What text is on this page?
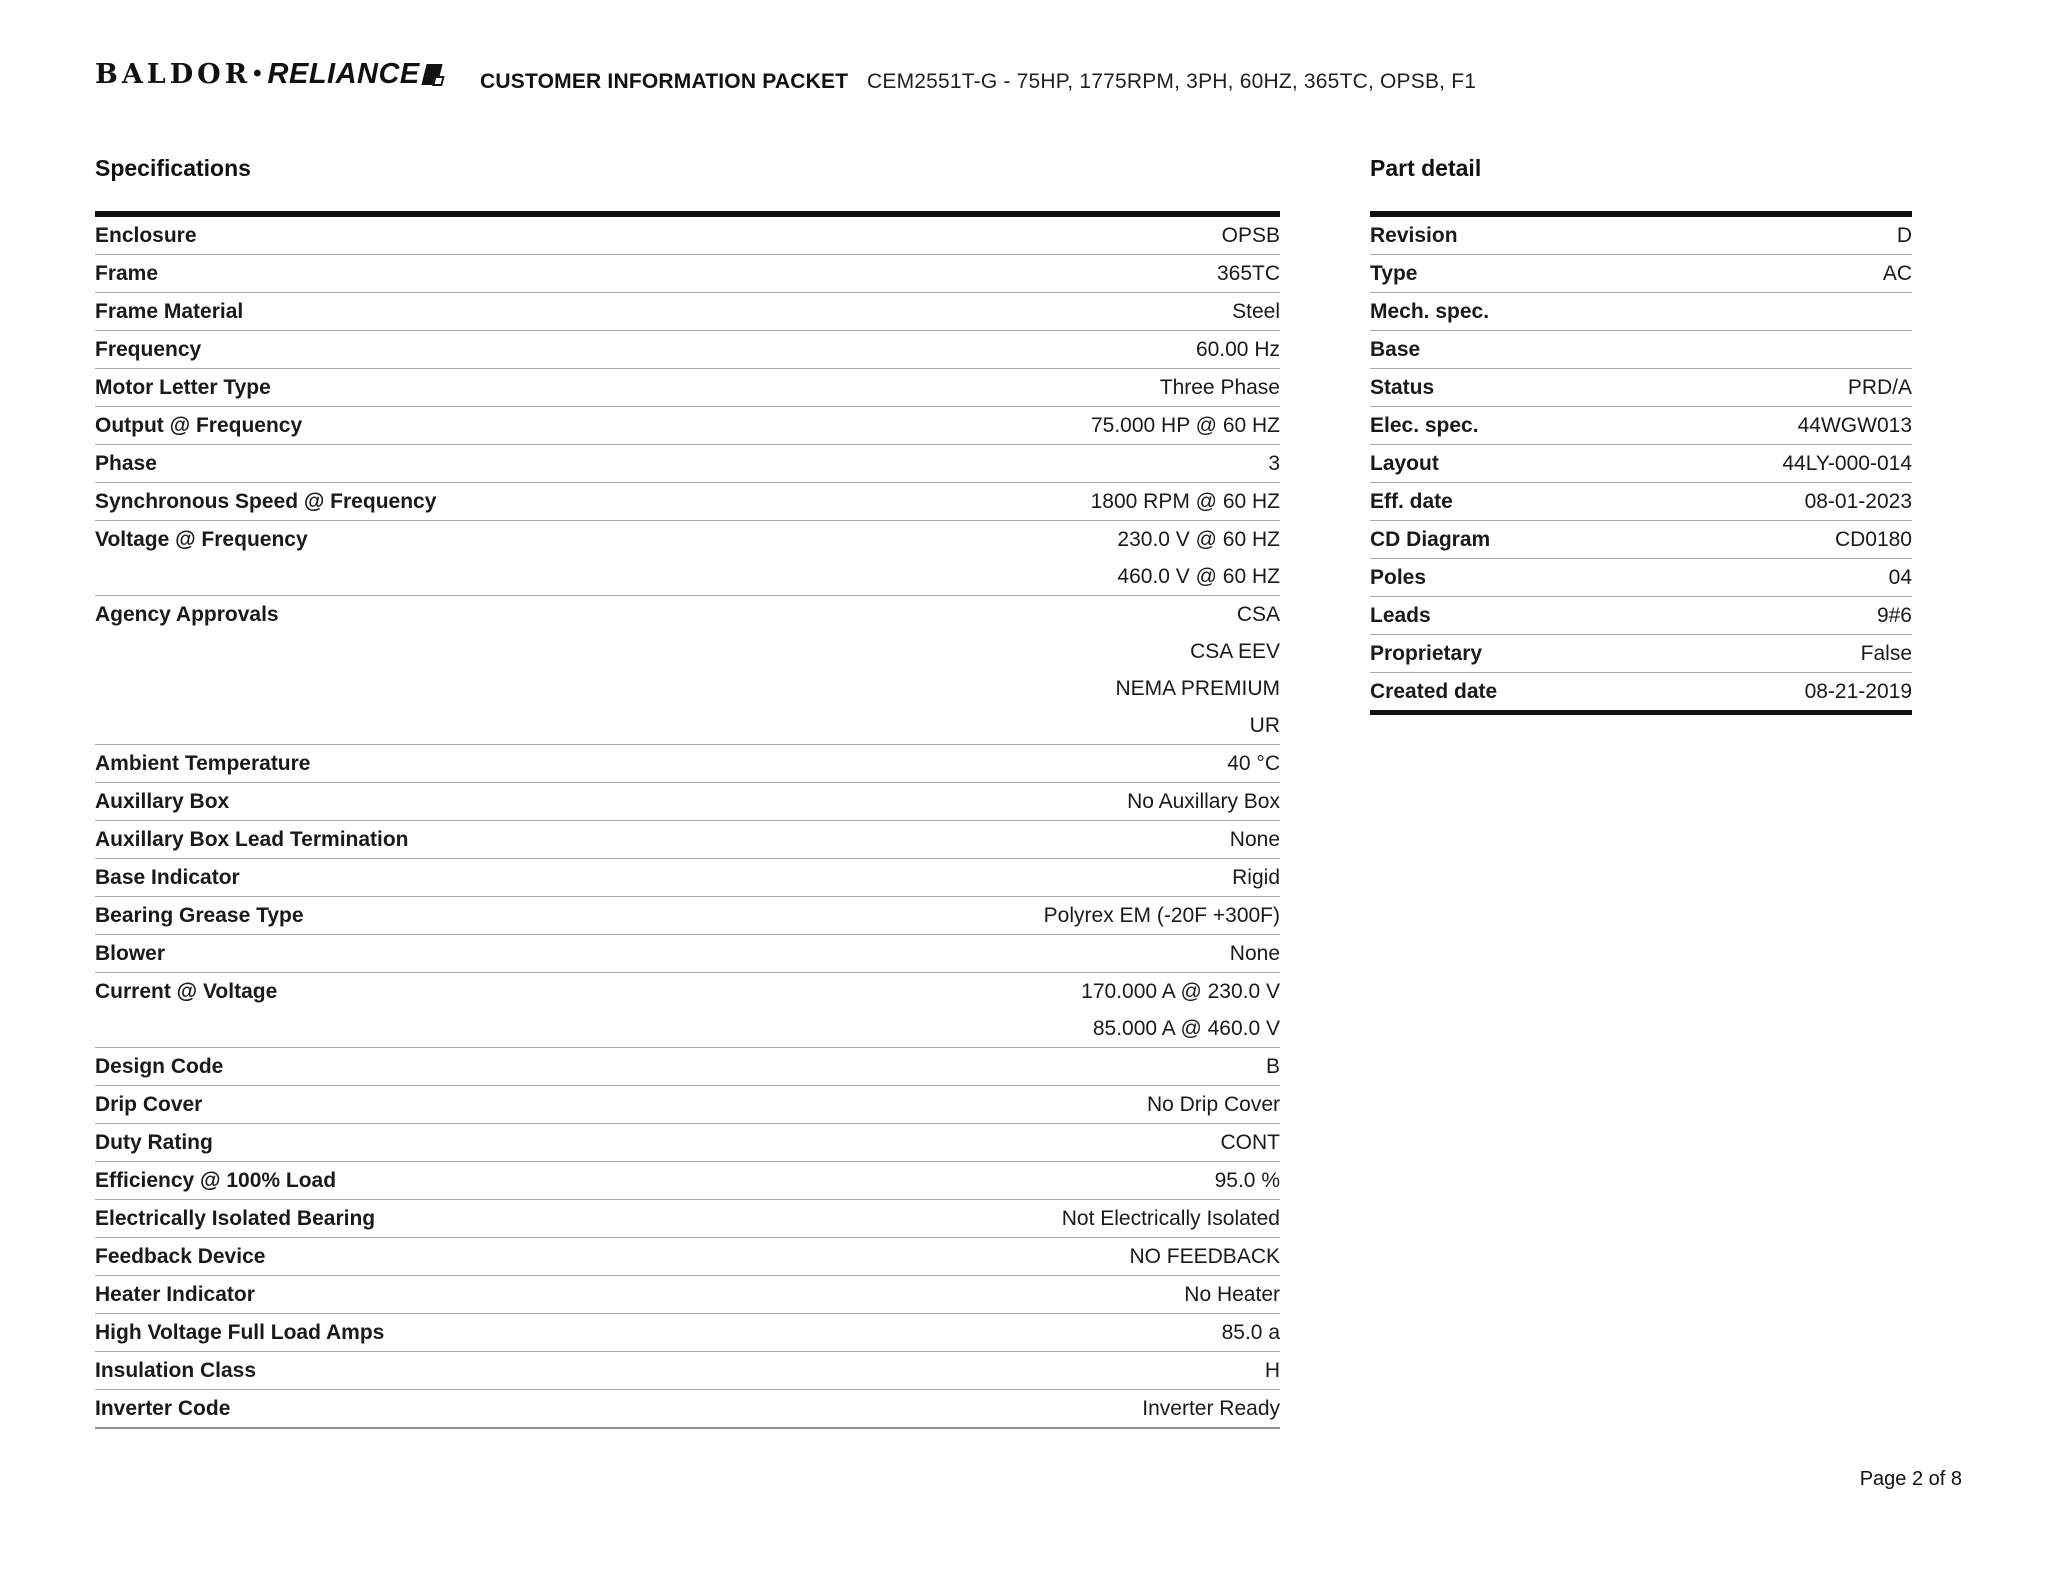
BALDOR• RELIANCE	CUSTOMER INFORMATION PACKET CEM2551T-G - 75HP, 1775RPM, 3PH, 60HZ, 365TC, OPSB, F1
Specifications
Enclosure	OPSB
Frame	365TC
Frame Material	Steel
Frequency	60.00 Hz
Motor Letter Type	Three Phase
Output @ Frequency	75.000 HP @ 60 HZ
Phase	3
Synchronous Speed @ Frequency	1800 RPM @ 60 HZ
Voltage @ Frequency	230.0 V @ 60 HZ
460.0 V @ 60 HZ
Agency Approvals	CSA
CSA EEV
NEMA PREMIUM
UR
Ambient Temperature	40 °C
Auxillary Box	No Auxillary Box
Auxillary Box Lead Termination	None
Base Indicator	Rigid
Bearing Grease Type	Polyrex EM (-20F +300F)
Blower	None
Current @ Voltage	170.000 A @ 230.0 V
85.000 A @ 460.0 V
Design Code	B
Drip Cover	No Drip Cover
Duty Rating	CONT
Efficiency @ 100% Load	95.0 %
Electrically Isolated Bearing	Not Electrically Isolated
Feedback Device	NO FEEDBACK
Heater Indicator	No Heater
High Voltage Full Load Amps	85.0 a
Insulation Class	H
Inverter Code	Inverter Ready
Part detail
Revision	D
Type	AC
Mech. spec.
Base
Status	PRD/A
Elec. spec.	44WGW013
Layout	44LY-000-014
Eff. date	08-01-2023
CD Diagram	CD0180
Poles	04
Leads	9#6
Proprietary	False
Created date	08-21-2019
Page 2 of 8
